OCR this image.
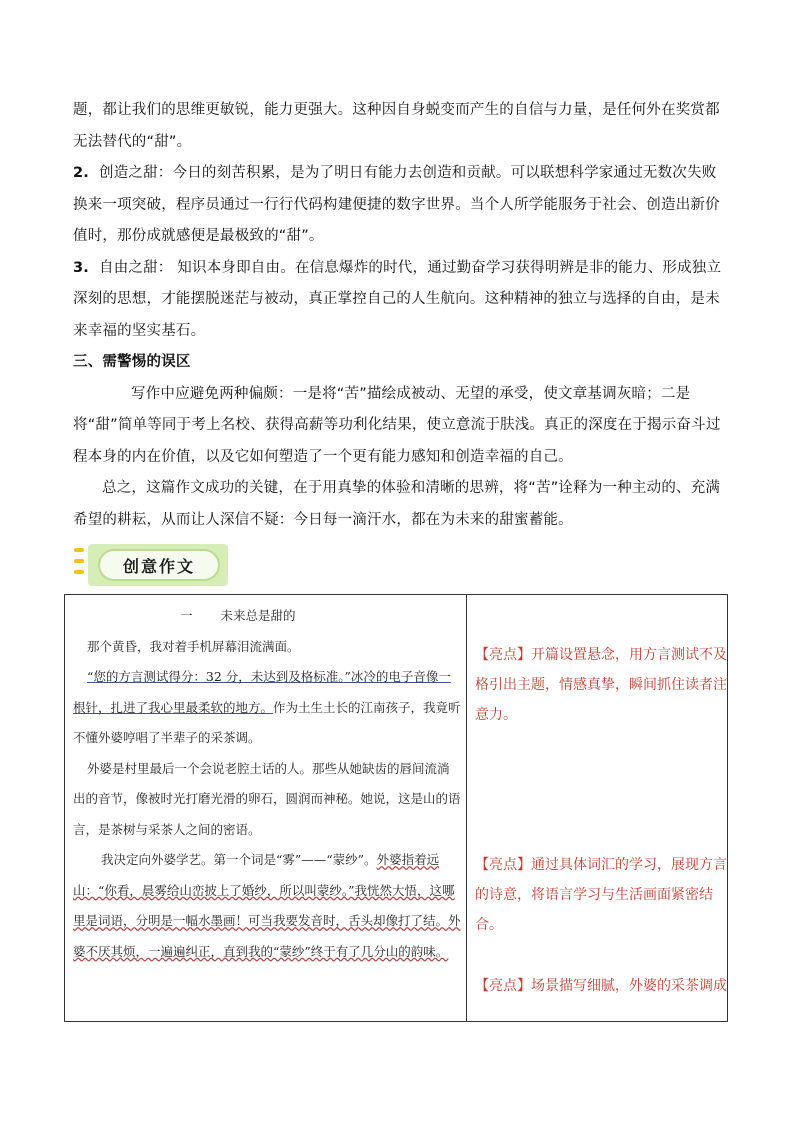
题，都让我们的思维更敏锐，能力更强大。这种因自身蜕变而产生的自信与力量，是任何外在奖赏都无法替代的“甜”。

2. 创造之甜：今日的刻苦积累，是为了明日有能力去创造和贡献。可以联想科学家通过无数次失败换来一项突破，程序员通过一行行代码构建便捷的数字世界。当个人所学能服务于社会、创造出新价值时，那份成就感便是最极致的“甜”。

3. 自由之甜： 知识本身即自由。在信息爆炸的时代，通过勤奋学习获得明辨是非的能力、形成独立深刻的思想，才能摆脱迷茫与被动，真正掌控自己的人生航向。这种精神的独立与选择的自由，是未来幸福的坚实基石。

三、需警惕的误区

写作中应避免两种偏颇：一是将“苦”描绘成被动、无望的承受，使文章基调灰暗；二是将“甜”简单等同于考上名校、获得高薪等功利化结果，使立意流于肤浅。真正的深度在于揭示奋斗过程本身的内在价值，以及它如何塑造了一个更有能力感知和创造幸福的自己。

总之，这篇作文成功的关键，在于用真挚的体验和清晰的思辨，将“苦”诠释为一种主动的、充满希望的耕耘，从而让人深信不疑：今日每一滴汗水，都在为未来的甜蜜蓄能。

创意作文

一 未来总是甜的

那个黄昏，我对着手机屏幕泪流满面。

“您的方言测试得分：32 分，未达到及格标准。”冰冷的电子音像一根针，扎进了我心里最柔软的地方。作为土生土长的江南孩子，我竟听不懂外婆哼唱了半辈子的采茶调。

外婆是村里最后一个会说老腔土话的人。那些从她缺齿的唇间流淌出的音节，像被时光打磨光滑的卵石，圆润而神秘。她说，这是山的语言，是茶树与采茶人之间的密语。

我决定向外婆学艺。第一个词是“雾”——“蒙纱”。外婆指着远山：“你看，晨雾给山峦披上了婚纱，所以叫蒙纱。”我恍然大悟，这哪里是词语，分明是一幅水墨画！可当我要发音时，舌头却像打了结。外婆不厌其烦，一遍遍纠正，直到我的“蒙纱”终于有了几分山的韵味。

【亮点】开篇设置悬念，用方言测试不及格引出主题，情感真挚，瞬间抓住读者注意力。
【亮点】通过具体词汇的学习，展现方言的诗意，将语言学习与生活画面紧密结合。
【亮点】场景描写细腻，外婆的采茶调成
